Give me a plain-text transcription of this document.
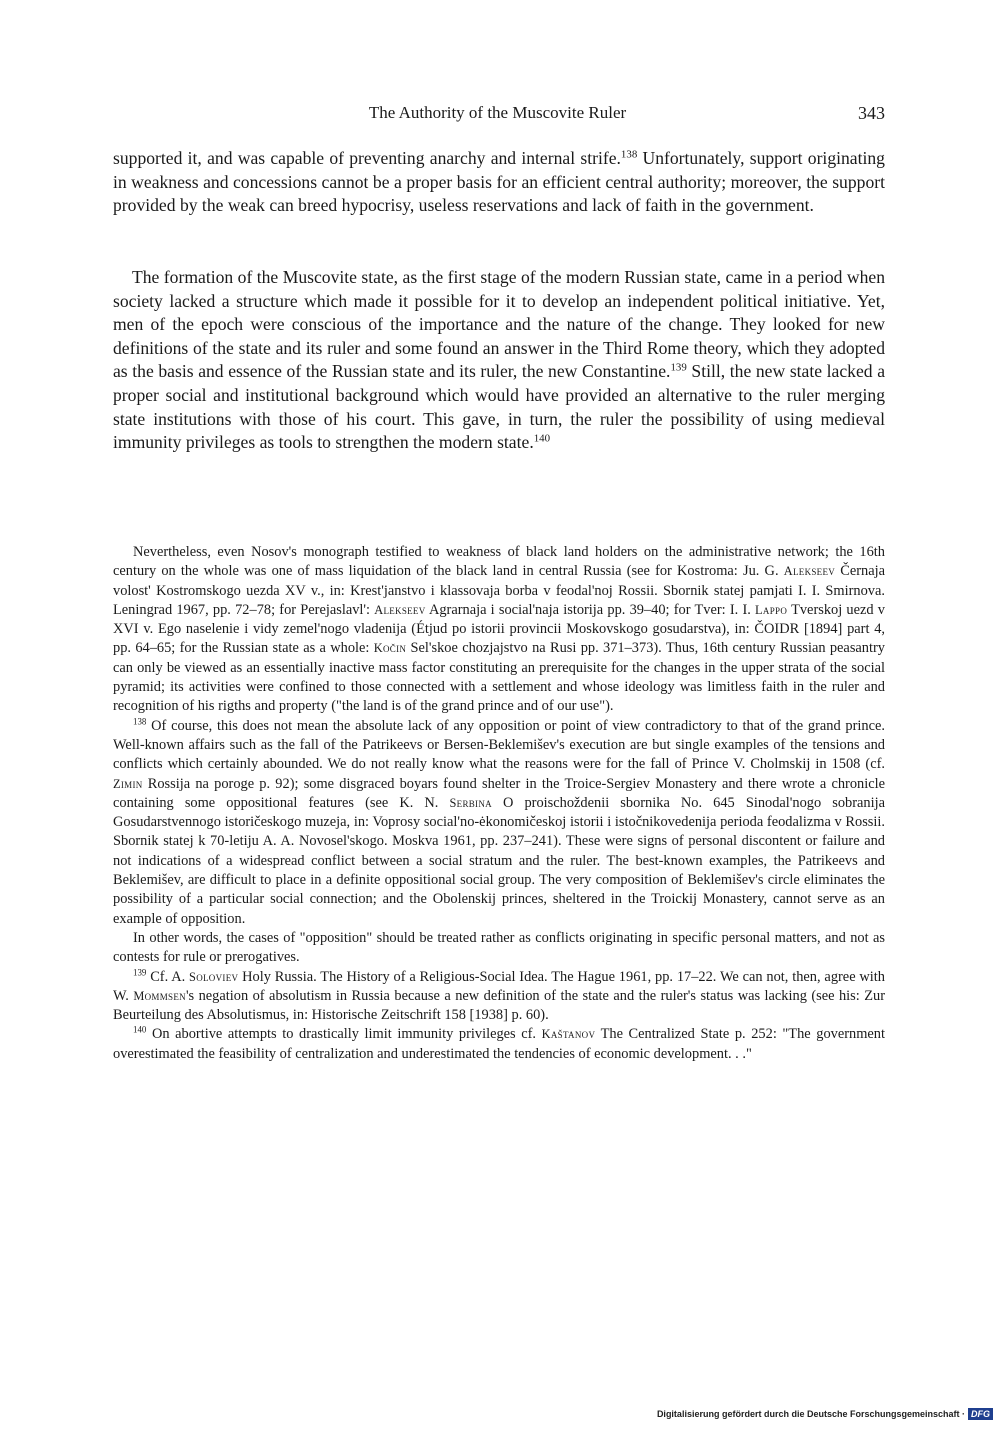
The Authority of the Muscovite Ruler	343

supported it, and was capable of preventing anarchy and internal strife.$^{138}$ Unfortunately, support originating in weakness and concessions cannot be a proper basis for an efficient central authority; moreover, the support provided by the weak can breed hypocrisy, useless reservations and lack of faith in the government.

The formation of the Muscovite state, as the first stage of the modern Russian state, came in a period when society lacked a structure which made it possible for it to develop an independent political initiative. Yet, men of the epoch were conscious of the importance and the nature of the change. They looked for new definitions of the state and its ruler and some found an answer in the Third Rome theory, which they adopted as the basis and essence of the Russian state and its ruler, the new Constantine.$^{139}$ Still, the new state lacked a proper social and institutional background which would have provided an alternative to the ruler merging state institutions with those of his court. This gave, in turn, the ruler the possibility of using medieval immunity privileges as tools to strengthen the modern state.$^{140}$

Nevertheless, even Nosov's monograph testified to weakness of black land holders on the administrative network; the 16th century on the whole was one of mass liquidation of the black land in central Russia (see for Kostroma: Ju. G. Alekseev Černaja volost' Kostromskogo uezda XV v., in: Krest'janstvo i klassovaja borba v feodal'noj Rossii. Sbornik statej pamjati I. I. Smirnova. Leningrad 1967, pp. 72–78; for Perejaslavl': Alekseev Agrarnaja i social'naja istorija pp. 39–40; for Tver: I. I. Lappo Tverskoj uezd v XVI v. Ego naselenie i vidy zemel'nogo vladenija (Étjud po istorii provincii Moskovskogo gosudarstva), in: ČOIDR [1894] part 4, pp. 64–65; for the Russian state as a whole: Kočin Sel'skoe chozjajstvo na Rusi pp. 371–373). Thus, 16th century Russian peasantry can only be viewed as an essentially inactive mass factor constituting an prerequisite for the changes in the upper strata of the social pyramid; its activities were confined to those connected with a settlement and whose ideology was limitless faith in the ruler and recognition of his rigths and property ("the land is of the grand prince and of our use").

$^{138}$ Of course, this does not mean the absolute lack of any opposition or point of view contradictory to that of the grand prince. Well-known affairs such as the fall of the Patrikeevs or Bersen-Beklemišev's execution are but single examples of the tensions and conflicts which certainly abounded. We do not really know what the reasons were for the fall of Prince V. Cholmskij in 1508 (cf. Zimin Rossija na poroge p. 92); some disgraced boyars found shelter in the Troice-Sergiev Monastery and there wrote a chronicle containing some oppositional features (see K. N. Serbina O proischoždenii sbornika No. 645 Sinodal'nogo sobranija Gosudarstvennogo istoričeskogo muzeja, in: Voprosy social'no-ėkonomičeskoj istorii i istočnikovedenija perioda feodalizma v Rossii. Sbornik statej k 70-letiju A. A. Novosel'skogo. Moskva 1961, pp. 237–241). These were signs of personal discontent or failure and not indications of a widespread conflict between a social stratum and the ruler. The best-known examples, the Patrikeevs and Beklemišev, are difficult to place in a definite oppositional social group. The very composition of Beklemišev's circle eliminates the possibility of a particular social connection; and the Obolenskij princes, sheltered in the Troickij Monastery, cannot serve as an example of opposition.

In other words, the cases of "opposition" should be treated rather as conflicts originating in specific personal matters, and not as contests for rule or prerogatives.

$^{139}$ Cf. A. Soloviev Holy Russia. The History of a Religious-Social Idea. The Hague 1961, pp. 17–22. We can not, then, agree with W. Mommsen's negation of absolutism in Russia because a new definition of the state and the ruler's status was lacking (see his: Zur Beurteilung des Absolutismus, in: Historische Zeitschrift 158 [1938] p. 60).

$^{140}$ On abortive attempts to drastically limit immunity privileges cf. Kaštanov The Centralized State p. 252: "The government overestimated the feasibility of centralization and underestimated the tendencies of economic development. . ."

Digitalisierung gefördert durch die Deutsche Forschungsgemeinschaft · DFG
